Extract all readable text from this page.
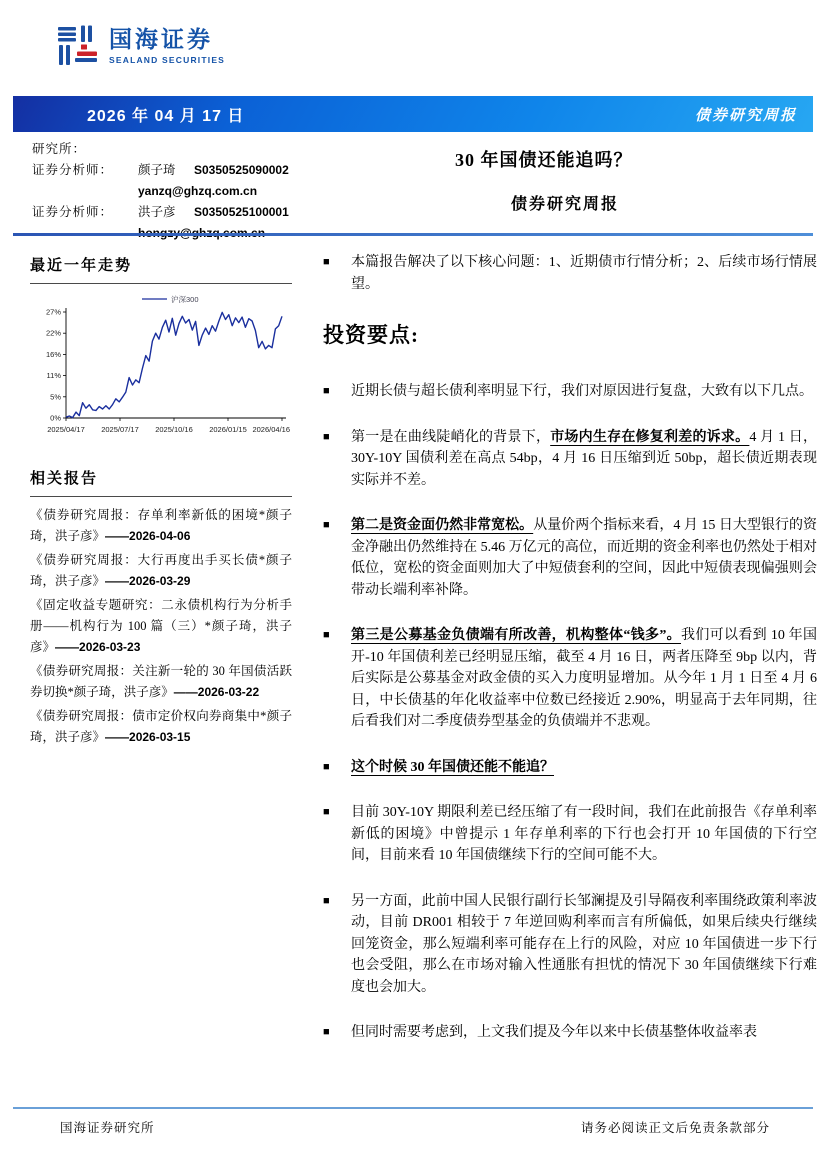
国海证券
SEALAND SECURITIES
2026 年 04 月 17 日	债券研究周报
研究所：
证券分析师：	颜子琦	S0350525090002
yanzq@ghzq.com.cn
证券分析师：	洪子彦	S0350525100001
30 年国债还能追吗？
债券研究周报
最近一年走势
沪深300
0%
5%
11%
16%
22%
27%
2025/04/17 2025/07/17 2025/10/16 2026/01/15 2026/04/16
相关报告

《债券研究周报：存单利率新低的困境*颜子琦，洪子彦》——2026-04-06

《债券研究周报：大行再度出手买长债*颜子琦，洪子彦》——2026-03-29

《固定收益专题研究：二永债机构行为分析手册——机构行为 100 篇（三）*颜子琦，洪子彦》——2026-03-23

《债券研究周报：关注新一轮的 30 年国债活跃券切换*颜子琦，洪子彦》——2026-03-22

《债券研究周报：债市定价权向券商集中*颜子琦，洪子彦》——2026-03-15

■	本篇报告解决了以下核心问题：1、近期债市行情分析；2、后续市场行情展望。

投资要点:
■	近期长债与超长债利率明显下行，我们对原因进行复盘，大致有以下几点。

■	第一是在曲线陡峭化的背景下，市场内生存在修复利差的诉求。4 月 1 日，30Y-10Y 国债利差在高点 54bp，4 月 16 日压缩到近 50bp，超长债近期表现实际并不差。

■	第二是资金面仍然非常宽松。从量价两个指标来看，4 月 15 日大型银行的资金净融出仍然维持在 5.46 万亿元的高位，而近期的资金利率也仍然处于相对低位，宽松的资金面则加大了中短债套利的空间，因此中短债表现偏强则会带动长端利率补降。

■	第三是公募基金负债端有所改善，机构整体“钱多”。我们可以看到 10 年国开-10 年国债利差已经明显压缩，截至 4 月 16 日，两者压降至 9bp 以内，背后实际是公募基金对政金债的买入力度明显增加。从今年 1 月 1 日至 4 月 6 日，中长债基的年化收益率中位数已经接近 2.90%，明显高于去年同期，往后看我们对二季度债券型基金的负债端并不悲观。

■	这个时候 30 年国债还能不能追？

■	目前 30Y-10Y 期限利差已经压缩了有一段时间，我们在此前报告《存单利率新低的困境》中曾提示 1 年存单利率的下行也会打开 10 年国债的下行空间，目前来看 10 年国债继续下行的空间可能不大。

■	另一方面，此前中国人民银行副行长邹澜提及引导隔夜利率围绕政策利率波动，目前 DR001 相较于 7 年逆回购利率而言有所偏低，如果后续央行继续回笼资金，那么短端利率可能存在上行的风险，对应 10 年国债进一步下行也会受阻，那么在市场对输入性通胀有担忧的情况下 30 年国债继续下行难度也会加大。

■	但同时需要考虑到，上文我们提及今年以来中长债基整体收益率表

国海证券研究所	请务必阅读正文后免责条款部分
